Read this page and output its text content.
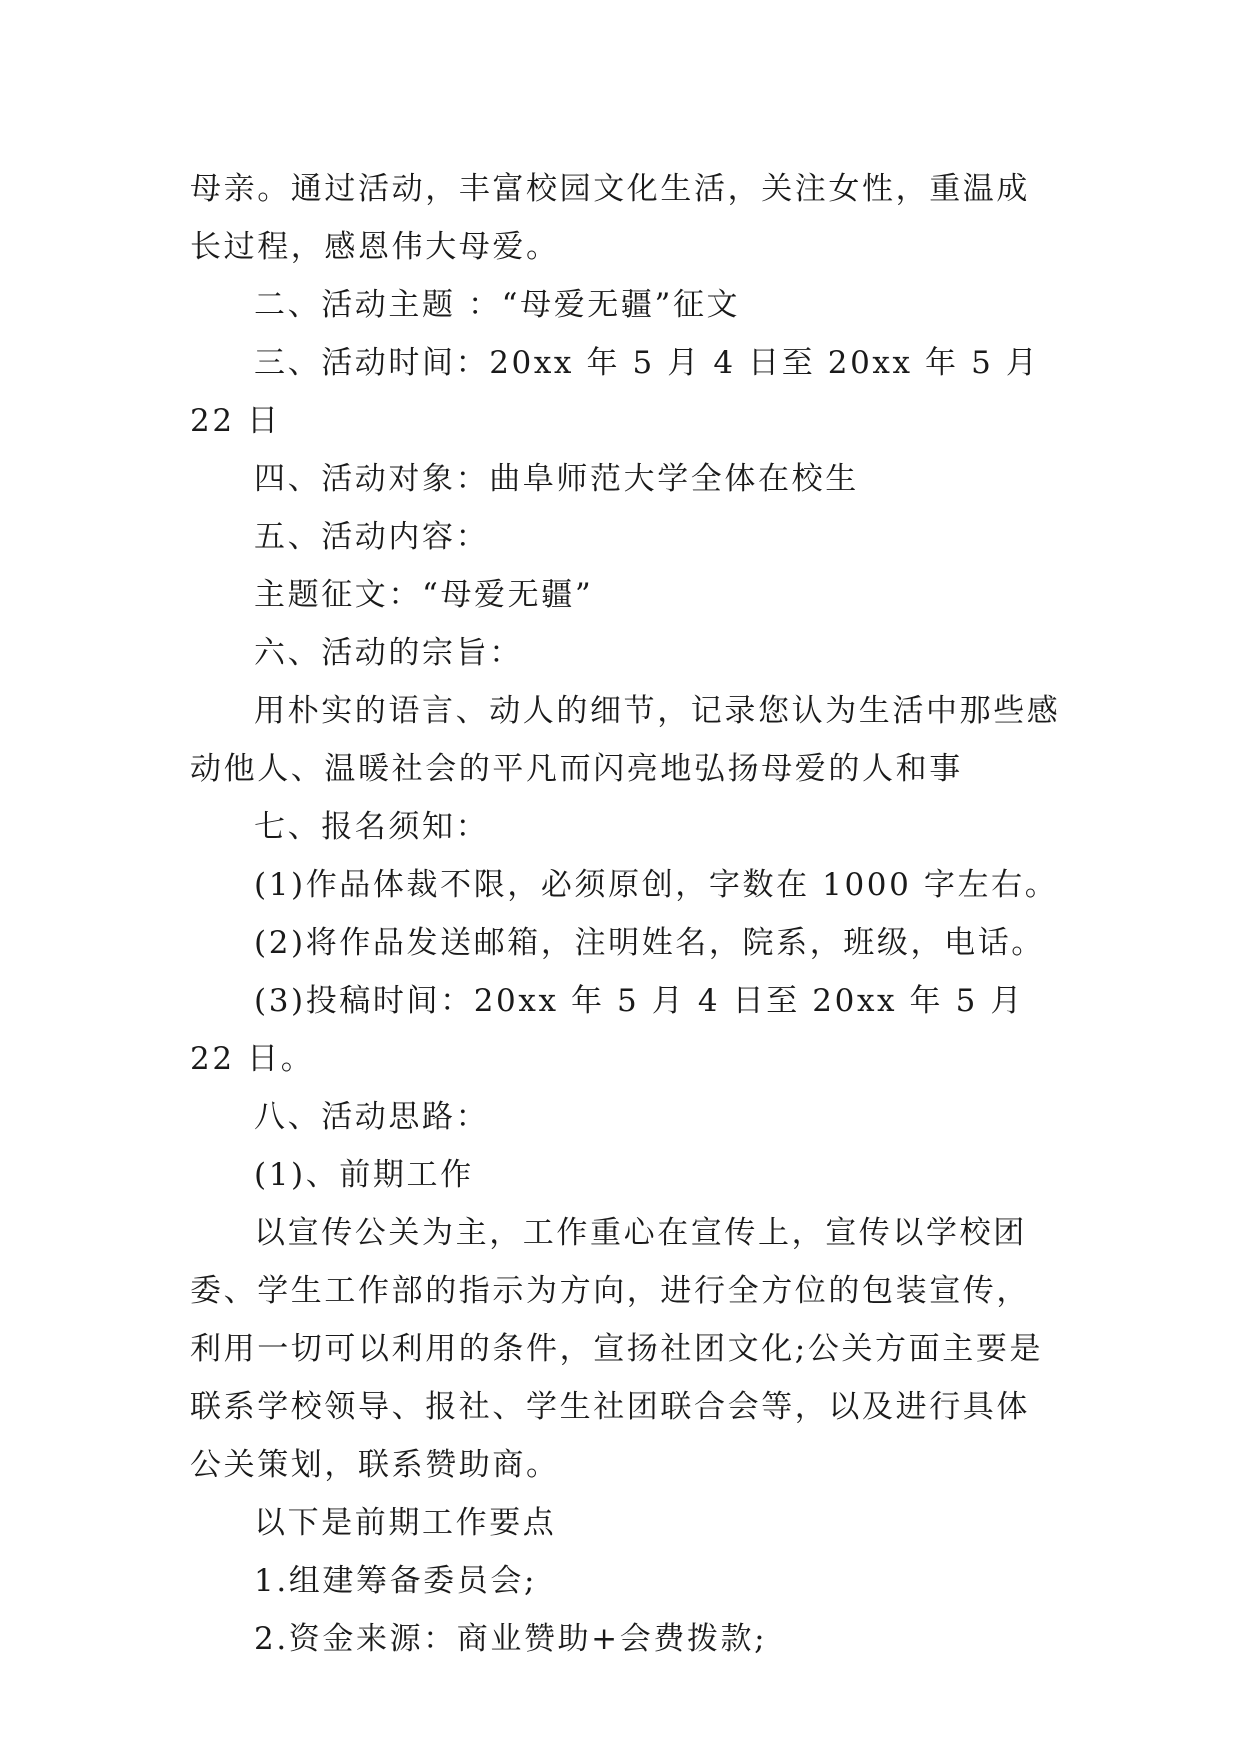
母亲。通过活动，丰富校园文化生活，关注女性，重温成长过程，感恩伟大母爱。

二、活动主题 ：“母爱无疆”征文

三、活动时间：20xx 年 5 月 4 日至 20xx 年 5 月 22 日

四、活动对象：曲阜师范大学全体在校生

五、活动内容：

主题征文：“母爱无疆”

六、活动的宗旨：

用朴实的语言、动人的细节，记录您认为生活中那些感动他人、温暖社会的平凡而闪亮地弘扬母爱的人和事

七、报名须知：

(1)作品体裁不限，必须原创，字数在 1000 字左右。

(2)将作品发送邮箱，注明姓名，院系，班级，电话。

(3)投稿时间：20xx 年 5 月 4 日至 20xx 年 5 月 22 日。

八、活动思路：

(1)、前期工作

以宣传公关为主，工作重心在宣传上，宣传以学校团委、学生工作部的指示为方向，进行全方位的包装宣传，利用一切可以利用的条件，宣扬社团文化;公关方面主要是联系学校领导、报社、学生社团联合会等，以及进行具体公关策划，联系赞助商。

以下是前期工作要点

1.组建筹备委员会;

2.资金来源：商业赞助+会费拨款;
